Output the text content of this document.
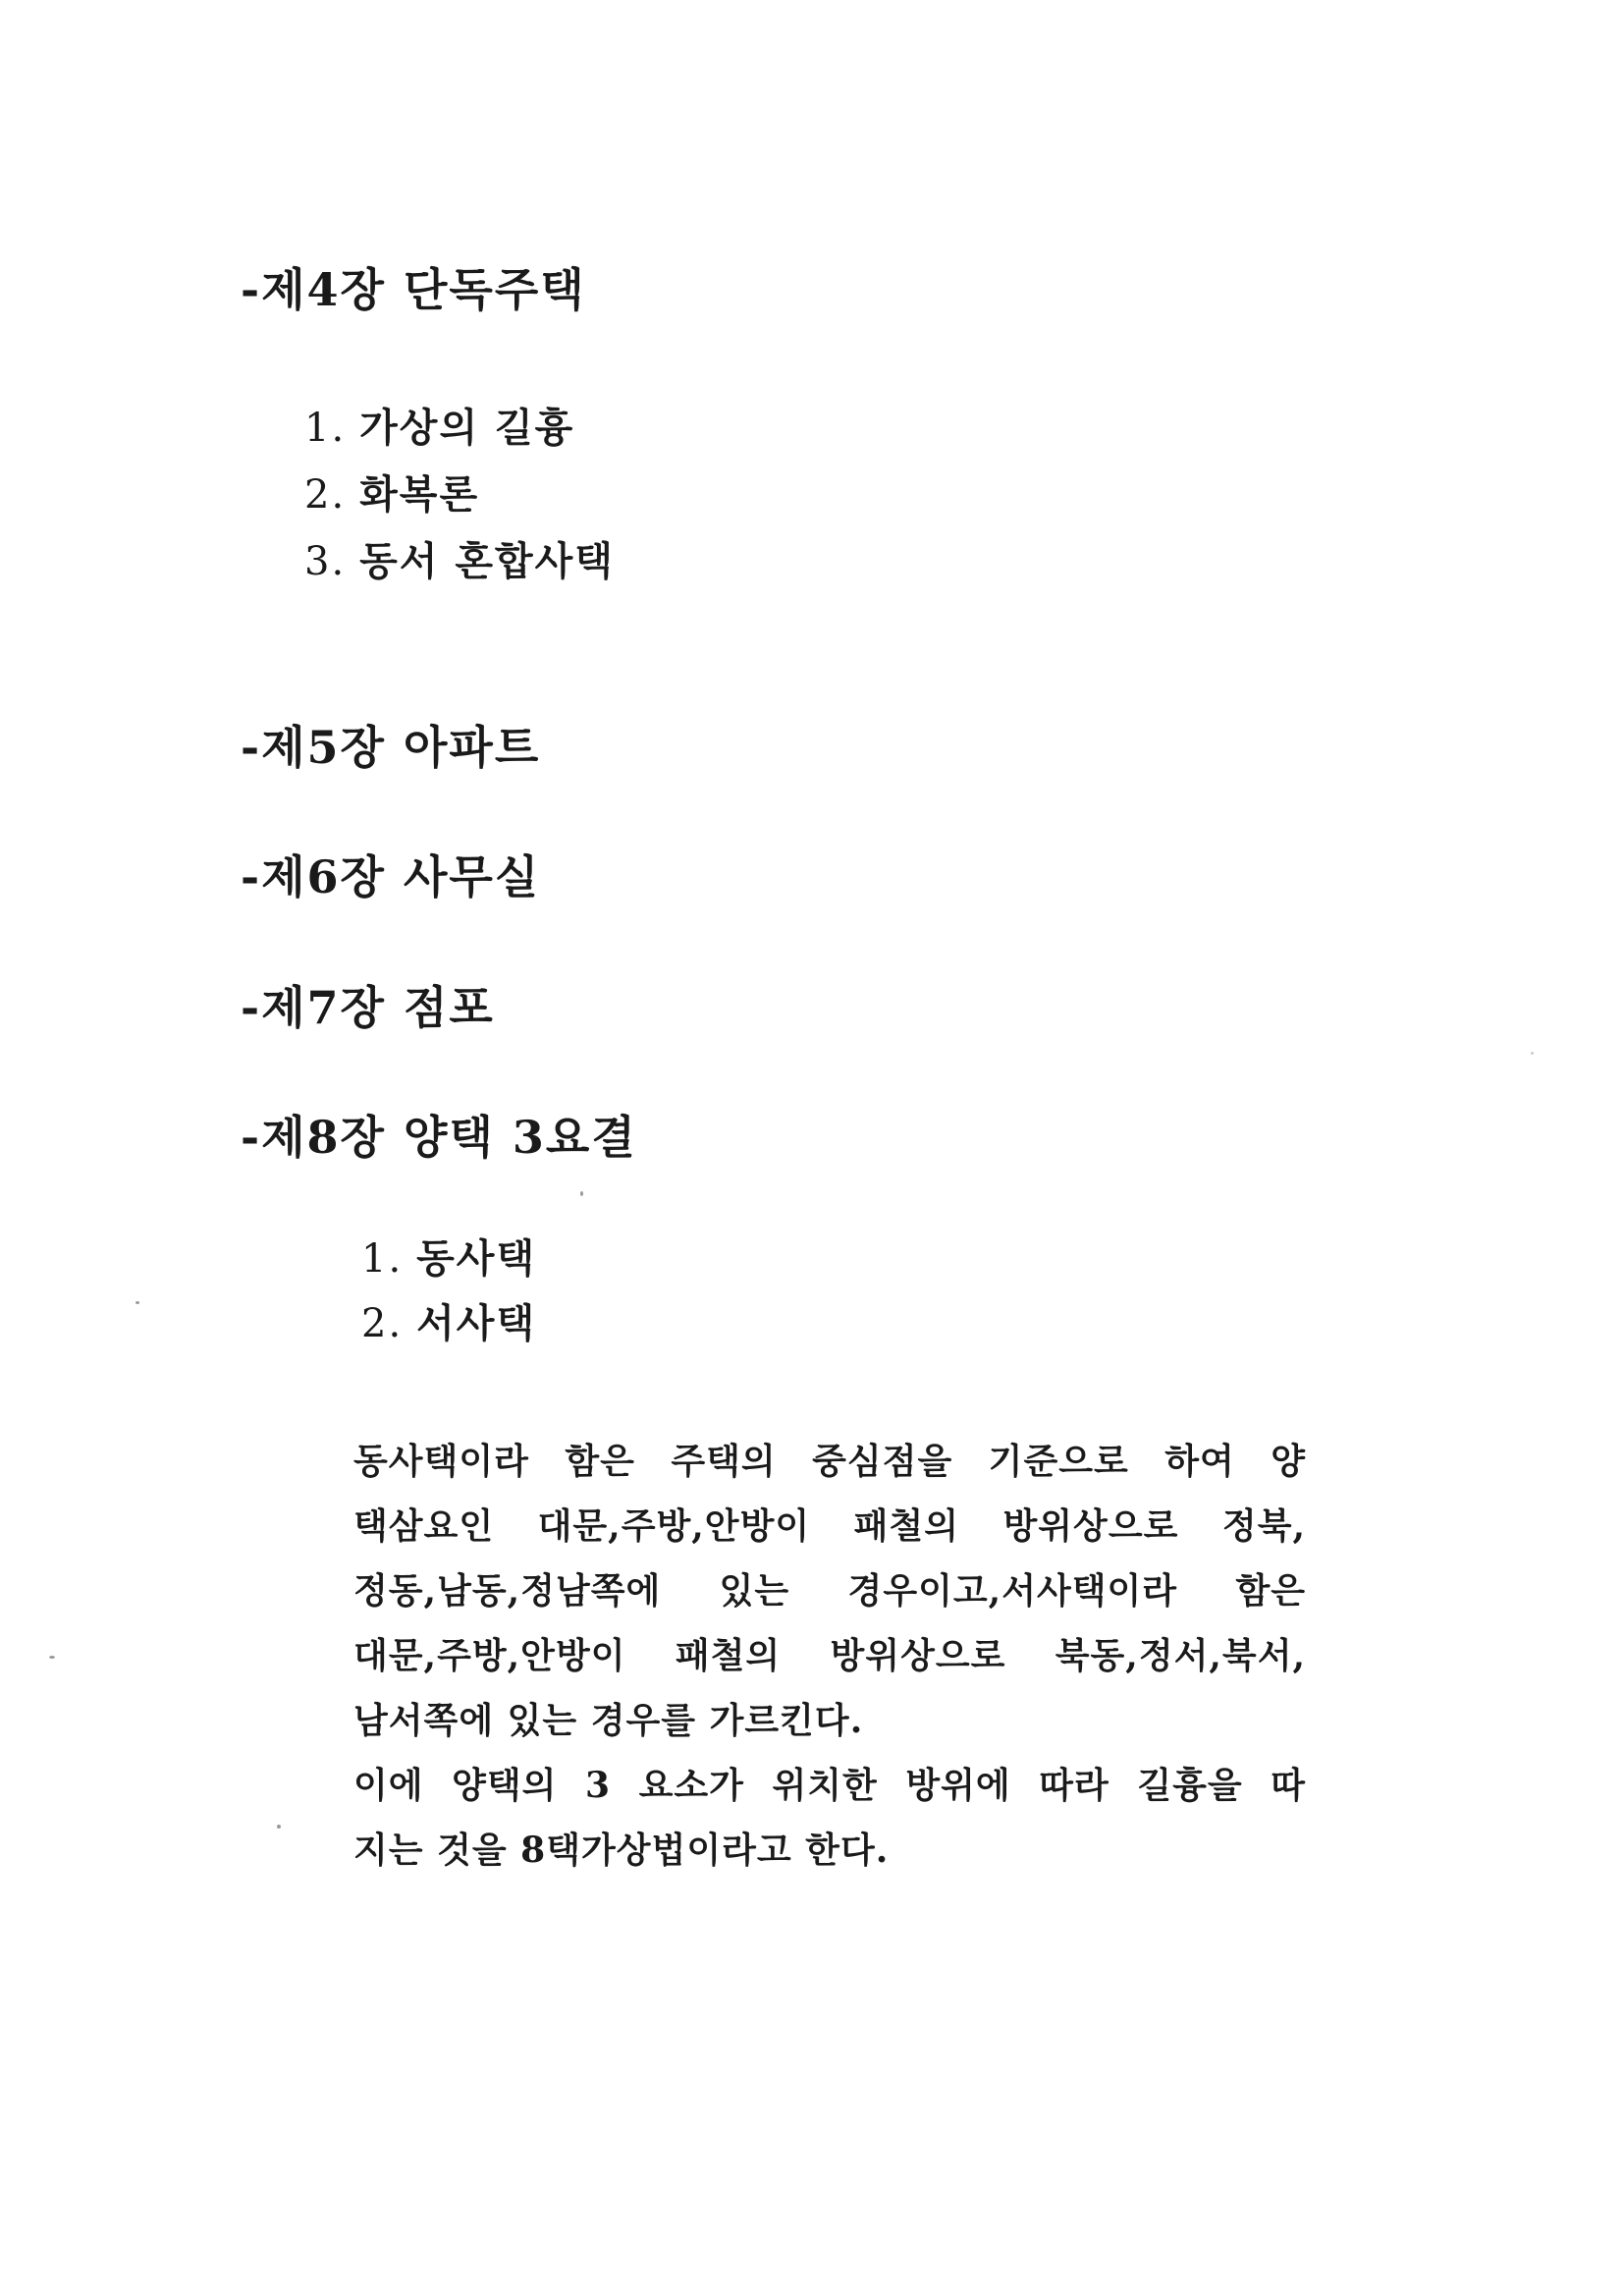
-제4장 단독주택
1. 가상의 길흉
2. 화복론
3. 동서 혼합사택
-제5장 아파트
-제6장 사무실
-제7장 점포
-제8장 양택 3요결
1. 동사택
2. 서사택
동사택이라 함은 주택의 중심점을 기준으로 하여 양
택삼요인 대문,주방,안방이 패철의 방위상으로 정북,
정동,남동,정남쪽에 있는 경우이고,서사택이라 함은
대문,주방,안방이 패철의 방위상으로 북동,정서,북서,
남서쪽에 있는 경우를 가르킨다.
이에 양택의 3 요소가 위치한 방위에 따라 길흉을 따
지는 것을 8택가상법이라고 한다.
